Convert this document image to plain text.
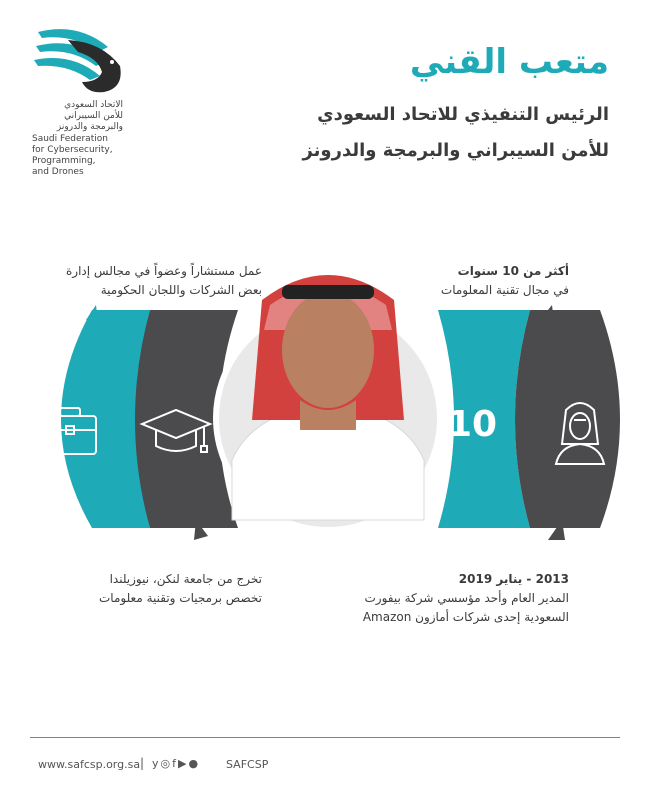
الاتحاد السعودي
للأمن السيبراني
والبرمجة والدرونز
Saudi Federation
for Cybersecurity,
Programming,
and Drones
متعب القني
الرئيس التنفيذي للاتحاد السعودي
للأمن السيبراني والبرمجة والدرونز
أكثر من 10 سنوات
في مجال تقنية المعلومات
عمل مستشاراً وعضواً في مجالس إدارة
بعض الشركات واللجان الحكومية
تخرج من جامعة لنكن، نيوزيلندا
تخصص برمجيات وتقنية معلومات
2013 - يناير 2019
المدير العام وأحد مؤسسي شركة بيفورت
السعودية إحدى شركات أمازون Amazon
10
www.safcsp.org.sa | y◎f▶● SAFCSP
